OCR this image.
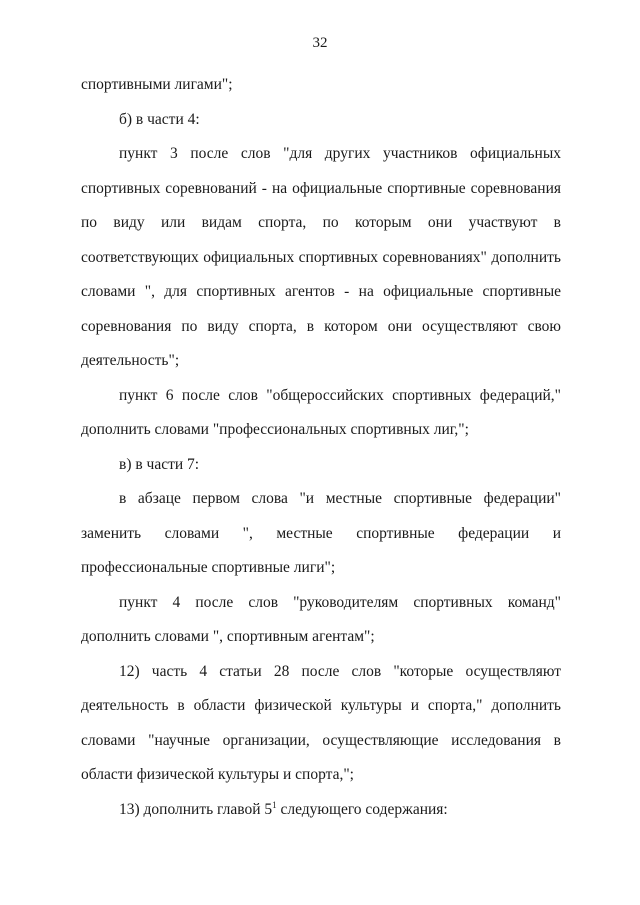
32

спортивными лигами";

б) в части 4:

пункт 3 после слов "для других участников официальных спортивных соревнований - на официальные спортивные соревнования по виду или видам спорта, по которым они участвуют в соответствующих официальных спортивных соревнованиях" дополнить словами ", для спортивных агентов - на официальные спортивные соревнования по виду спорта, в котором они осуществляют свою деятельность";

пункт 6 после слов "общероссийских спортивных федераций," дополнить словами "профессиональных спортивных лиг,";

в) в части 7:

в абзаце первом слова "и местные спортивные федерации" заменить словами ", местные спортивные федерации и профессиональные спортивные лиги";

пункт 4 после слов "руководителям спортивных команд" дополнить словами ", спортивным агентам";

12) часть 4 статьи 28 после слов "которые осуществляют деятельность в области физической культуры и спорта," дополнить словами "научные организации, осуществляющие исследования в области физической культуры и спорта,";

13) дополнить главой $5^1$ следующего содержания:
